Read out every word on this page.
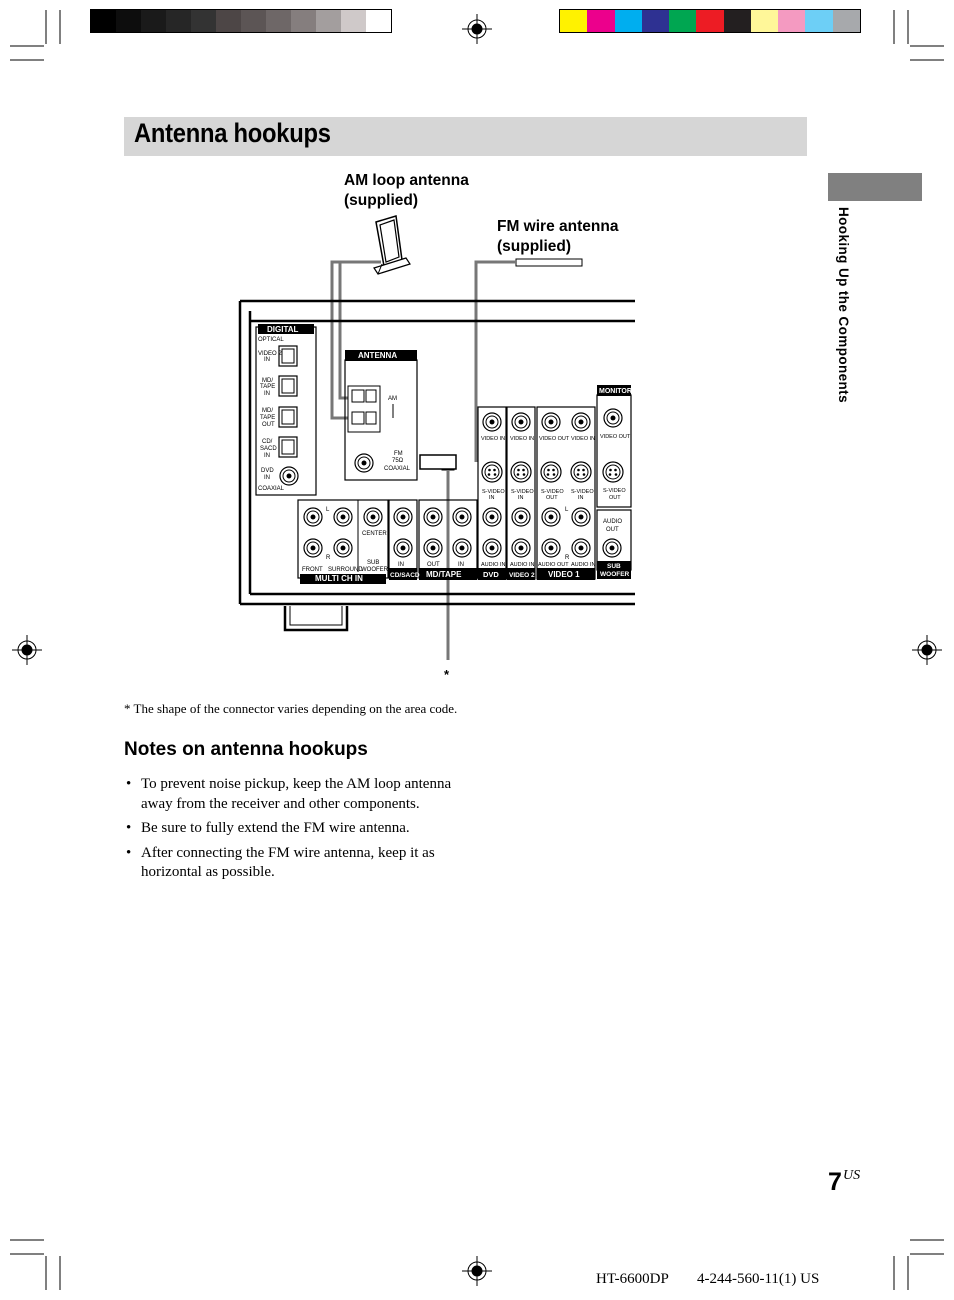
Antenna hookups
Hooking Up the Components
AM loop antenna
(supplied)
FM wire antenna
(supplied)
DIGITAL
OPTICAL
VIDEO 2
IN
MD/
TAPE
IN
MD/
TAPE
OUT
CD/
SACD
IN
DVD
IN
COAXIAL
ANTENNA
AM
FM
75Ω
COAXIAL
L
R
FRONT SURROUND
CENTER
SUB
WOOFER
MULTI CH IN
IN
CD/SACD
OUT	IN
MD/TAPE
VIDEO IN
S-VIDEO
IN
AUDIO IN
DVD
VIDEO IN
S-VIDEO
IN
AUDIO IN
VIDEO 2
VIDEO OUT VIDEO IN
S-VIDEO
OUT
S-VIDEO
IN
L
R
AUDIO OUT AUDIO IN
VIDEO 1
MONITOR
VIDEO OUT
S-VIDEO
OUT
AUDIO
OUT
SUB
WOOFER
*
* The shape of the connector varies depending on the area code.
Notes on antenna hookups
• To prevent noise pickup, keep the AM loop antenna away from the receiver and other components.
• Be sure to fully extend the FM wire antenna.
• After connecting the FM wire antenna, keep it as horizontal as possible.
7 US
HT-6600DP 4-244-560-11(1) US
